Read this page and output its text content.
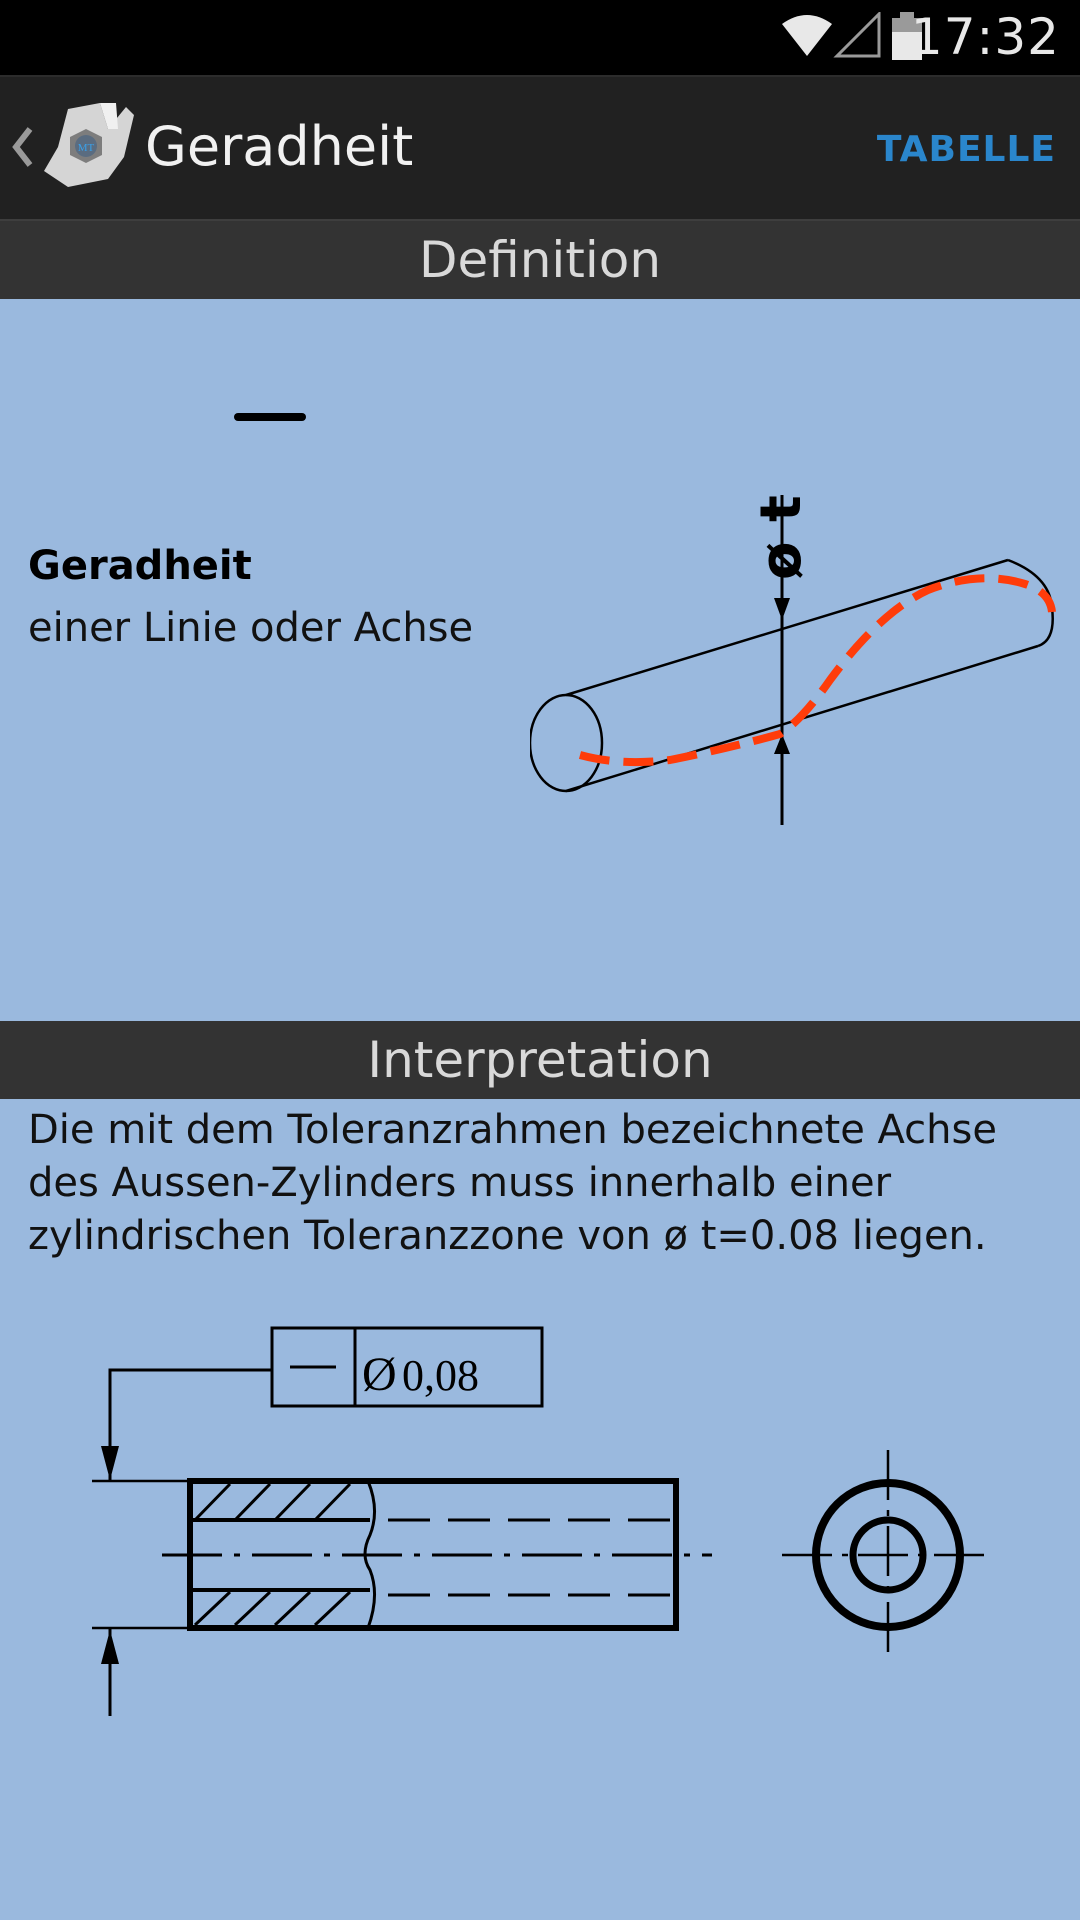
17:32
MT Geradheit	TABELLE
Definition
Geradheit
einer Linie oder Achse
ø t
Interpretation
Die mit dem Toleranzrahmen bezeichnete Achse des Aussen-Zylinders muss innerhalb einer zylindrischen Toleranzzone von ø t=0.08 liegen.
Ø 0,08
